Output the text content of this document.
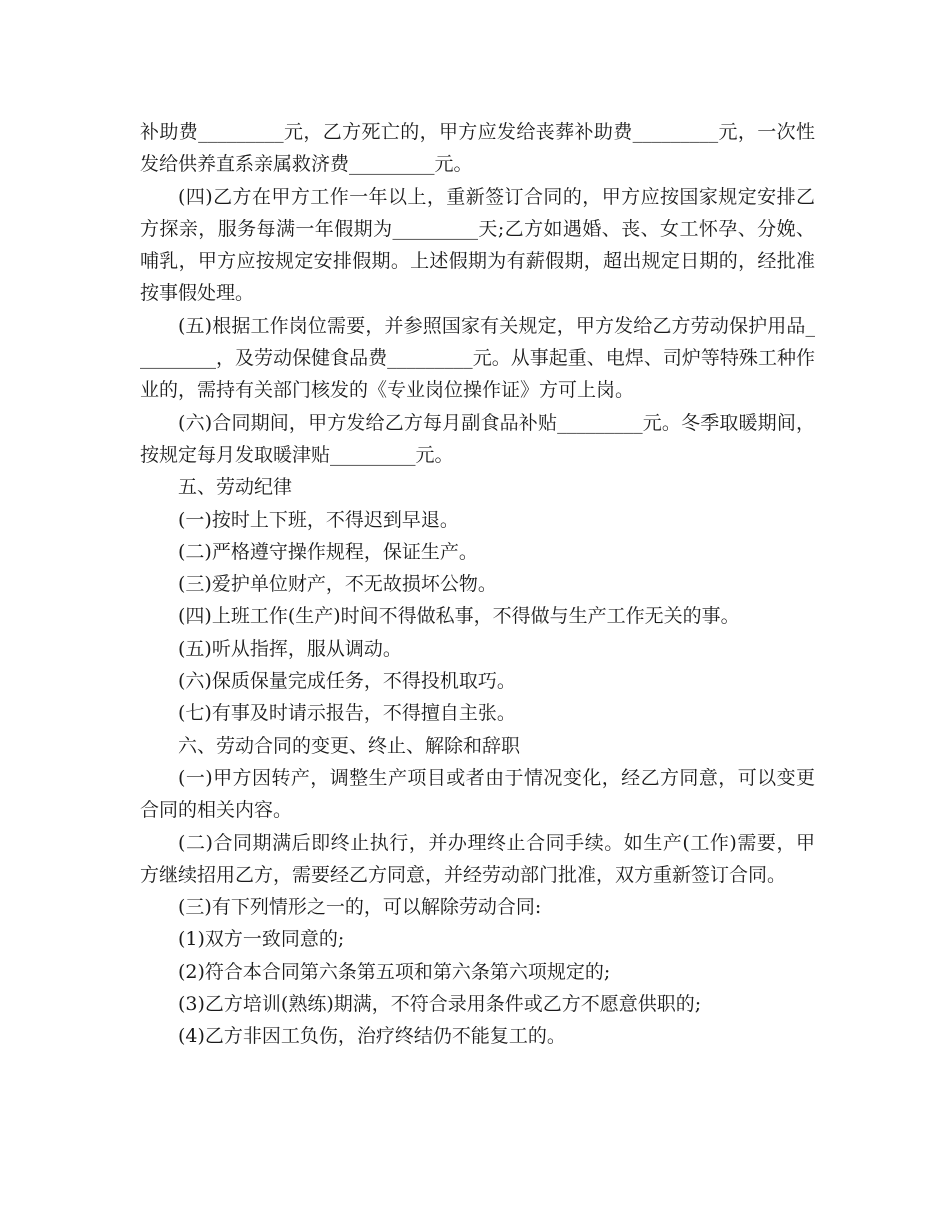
补助费_________元，乙方死亡的，甲方应发给丧葬补助费_________元，一次性发给供养直系亲属救济费_________元。

(四)乙方在甲方工作一年以上，重新签订合同的，甲方应按国家规定安排乙方探亲，服务每满一年假期为_________天;乙方如遇婚、丧、女工怀孕、分娩、哺乳，甲方应按规定安排假期。上述假期为有薪假期，超出规定日期的，经批准按事假处理。

(五)根据工作岗位需要，并参照国家有关规定，甲方发给乙方劳动保护用品_________，及劳动保健食品费_________元。从事起重、电焊、司炉等特殊工种作业的，需持有关部门核发的《专业岗位操作证》方可上岗。

(六)合同期间，甲方发给乙方每月副食品补贴_________元。冬季取暖期间，按规定每月发取暖津贴_________元。

五、劳动纪律

(一)按时上下班，不得迟到早退。

(二)严格遵守操作规程，保证生产。

(三)爱护单位财产，不无故损坏公物。

(四)上班工作(生产)时间不得做私事，不得做与生产工作无关的事。

(五)听从指挥，服从调动。

(六)保质保量完成任务，不得投机取巧。

(七)有事及时请示报告，不得擅自主张。

六、劳动合同的变更、终止、解除和辞职

(一)甲方因转产，调整生产项目或者由于情况变化，经乙方同意，可以变更合同的相关内容。

(二)合同期满后即终止执行，并办理终止合同手续。如生产(工作)需要，甲方继续招用乙方，需要经乙方同意，并经劳动部门批准，双方重新签订合同。

(三)有下列情形之一的，可以解除劳动合同:

(1)双方一致同意的;

(2)符合本合同第六条第五项和第六条第六项规定的;

(3)乙方培训(熟练)期满，不符合录用条件或乙方不愿意供职的;

(4)乙方非因工负伤，治疗终结仍不能复工的。
